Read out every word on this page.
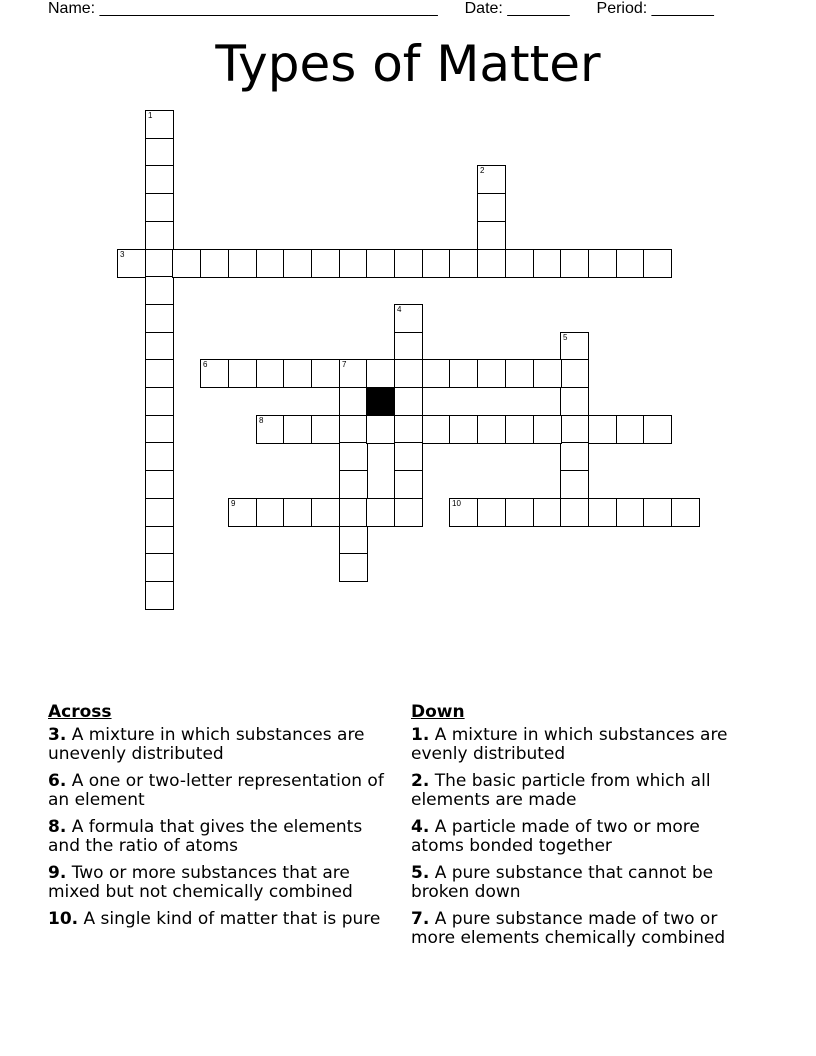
Name: ______________________________________ Date: _______ Period: _______
Types of Matter
1
2
3
4
5
6	7
8
9	10
Across
3. A mixture in which substances are unevenly distributed
6. A one or two-letter representation of an element
8. A formula that gives the elements and the ratio of atoms
9. Two or more substances that are mixed but not chemically combined
10. A single kind of matter that is pure
Down
1. A mixture in which substances are evenly distributed
2. The basic particle from which all elements are made
4. A particle made of two or more atoms bonded together
5. A pure substance that cannot be broken down
7. A pure substance made of two or more elements chemically combined
